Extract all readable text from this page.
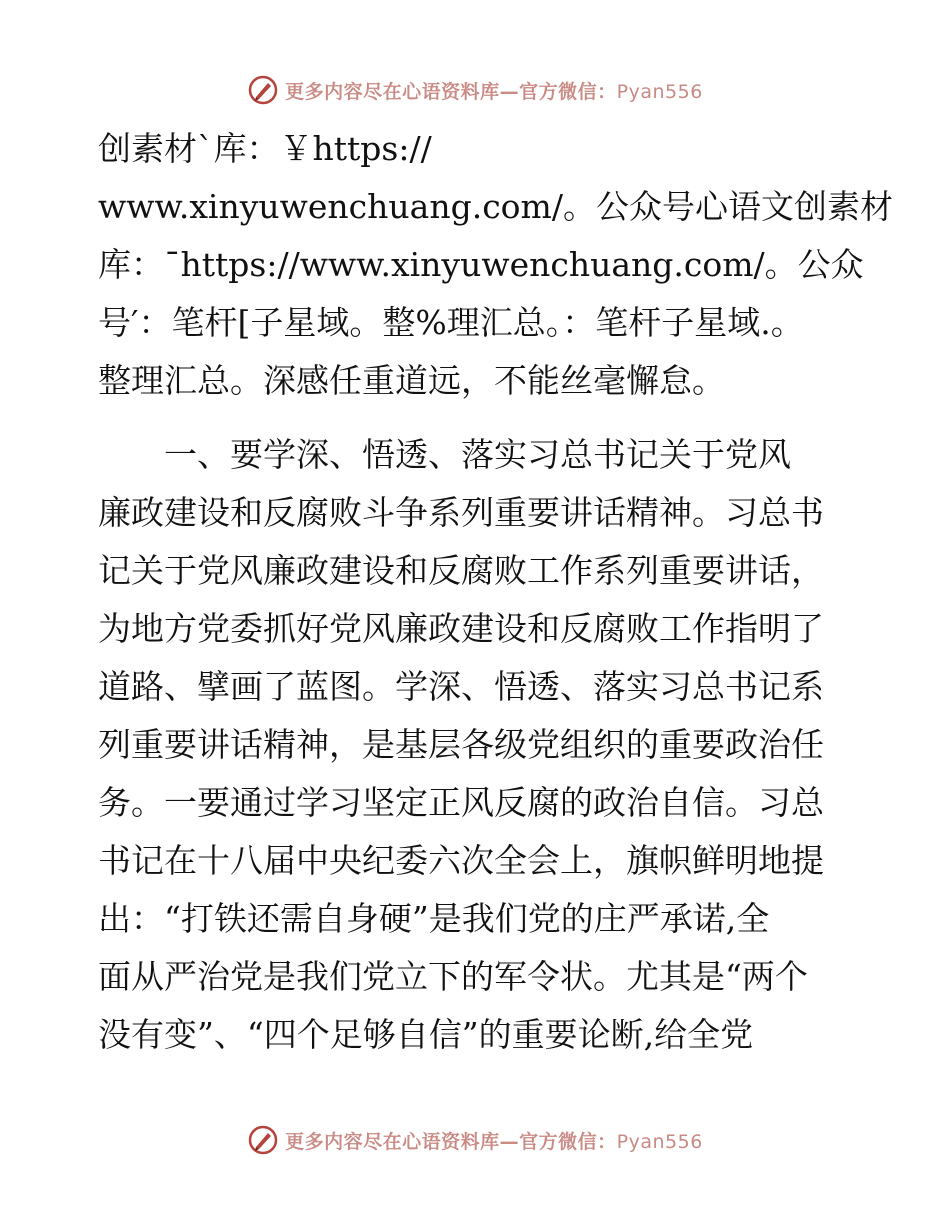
更多内容尽在心语资料库—官方微信：Pyan556
创素材ˋ库：￥https://
www.xinyuwenchuang.com/。公众号心语文创素材
库：¯https://www.xinyuwenchuang.com/。公众
号′：笔杆[子星域。整%理汇总。：笔杆子星域.。
整理汇总。深感任重道远，不能丝毫懈怠。
　　一、要学深、悟透、落实习总书记关于党风
廉政建设和反腐败斗争系列重要讲话精神。习总书
记关于党风廉政建设和反腐败工作系列重要讲话，
为地方党委抓好党风廉政建设和反腐败工作指明了
道路、擘画了蓝图。学深、悟透、落实习总书记系
列重要讲话精神，是基层各级党组织的重要政治任
务。一要通过学习坚定正风反腐的政治自信。习总
书记在十八届中央纪委六次全会上，旗帜鲜明地提
出：“打铁还需自身硬”是我们党的庄严承诺,全
面从严治党是我们党立下的军令状。尤其是“两个
没有变”、“四个足够自信”的重要论断,给全党
更多内容尽在心语资料库—官方微信：Pyan556
